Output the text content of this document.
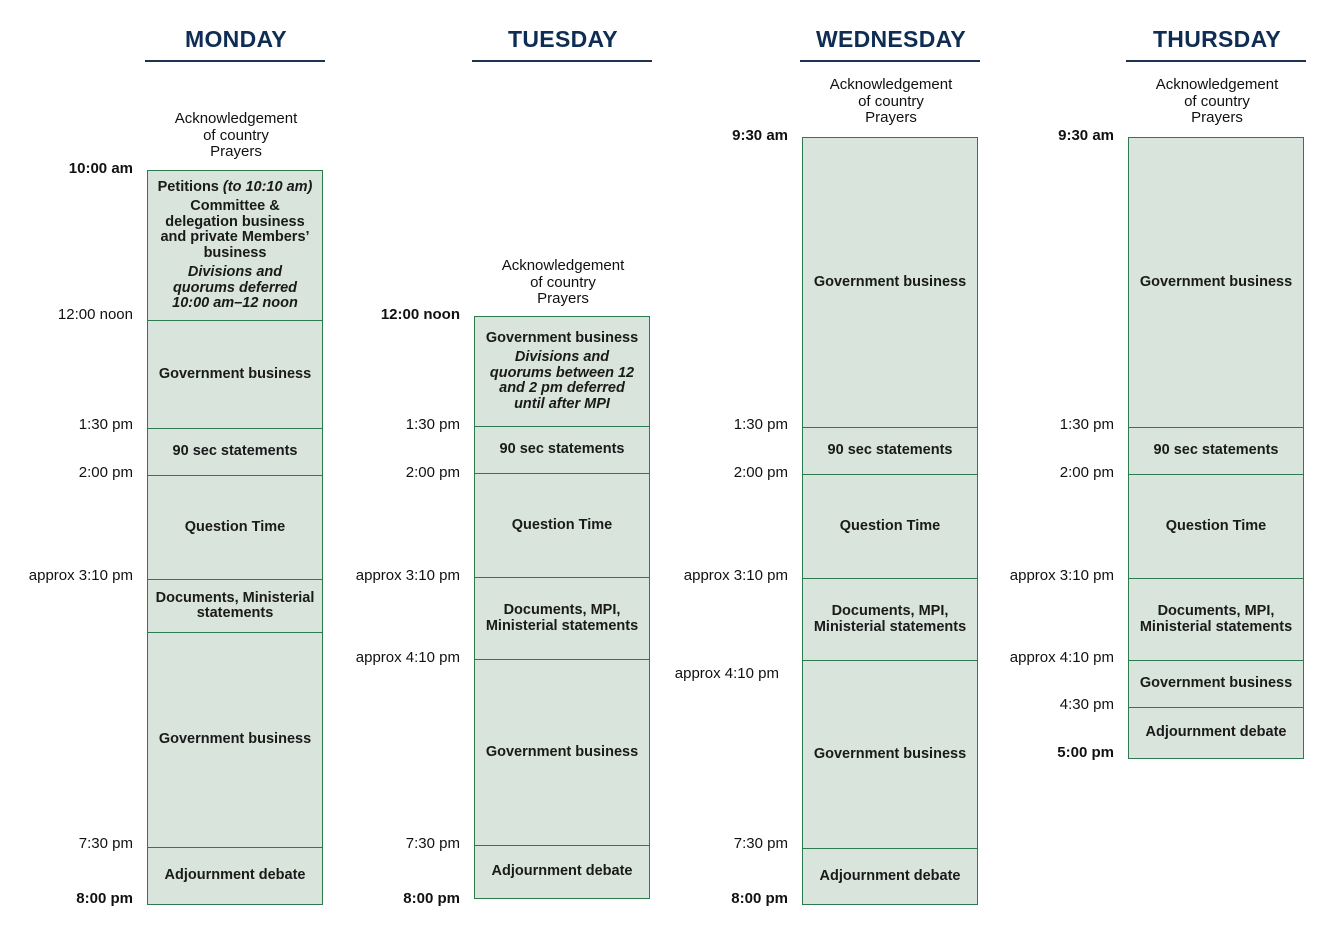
MONDAY
Acknowledgement
of country
Prayers
10:00 am
12:00 noon
1:30 pm
2:00 pm
approx 3:10 pm
7:30 pm
8:00 pm

Petitions (to 10:10 am)

Committee & delegation business and private Members’ business

Divisions and quorums deferred 10:00 am–12 noon

Government business

90 sec statements

Question Time

Documents, Ministerial statements

Government business

Adjournment debate

TUESDAY
Acknowledgement
of country
Prayers
12:00 noon
1:30 pm
2:00 pm
approx 3:10 pm
approx 4:10 pm
7:30 pm
8:00 pm

Government business

Divisions and quorums between 12 and 2 pm deferred until after MPI

90 sec statements

Question Time

Documents, MPI, Ministerial statements

Government business

Adjournment debate

WEDNESDAY
Acknowledgement
of country
Prayers
9:30 am
1:30 pm
2:00 pm
approx 3:10 pm
approx 4:10 pm
7:30 pm
8:00 pm

Government business

90 sec statements

Question Time

Documents, MPI, Ministerial statements

Government business

Adjournment debate

THURSDAY
Acknowledgement
of country
Prayers
9:30 am
1:30 pm
2:00 pm
approx 3:10 pm
approx 4:10 pm
4:30 pm
5:00 pm

Government business

90 sec statements

Question Time

Documents, MPI, Ministerial statements

Government business

Adjournment debate
